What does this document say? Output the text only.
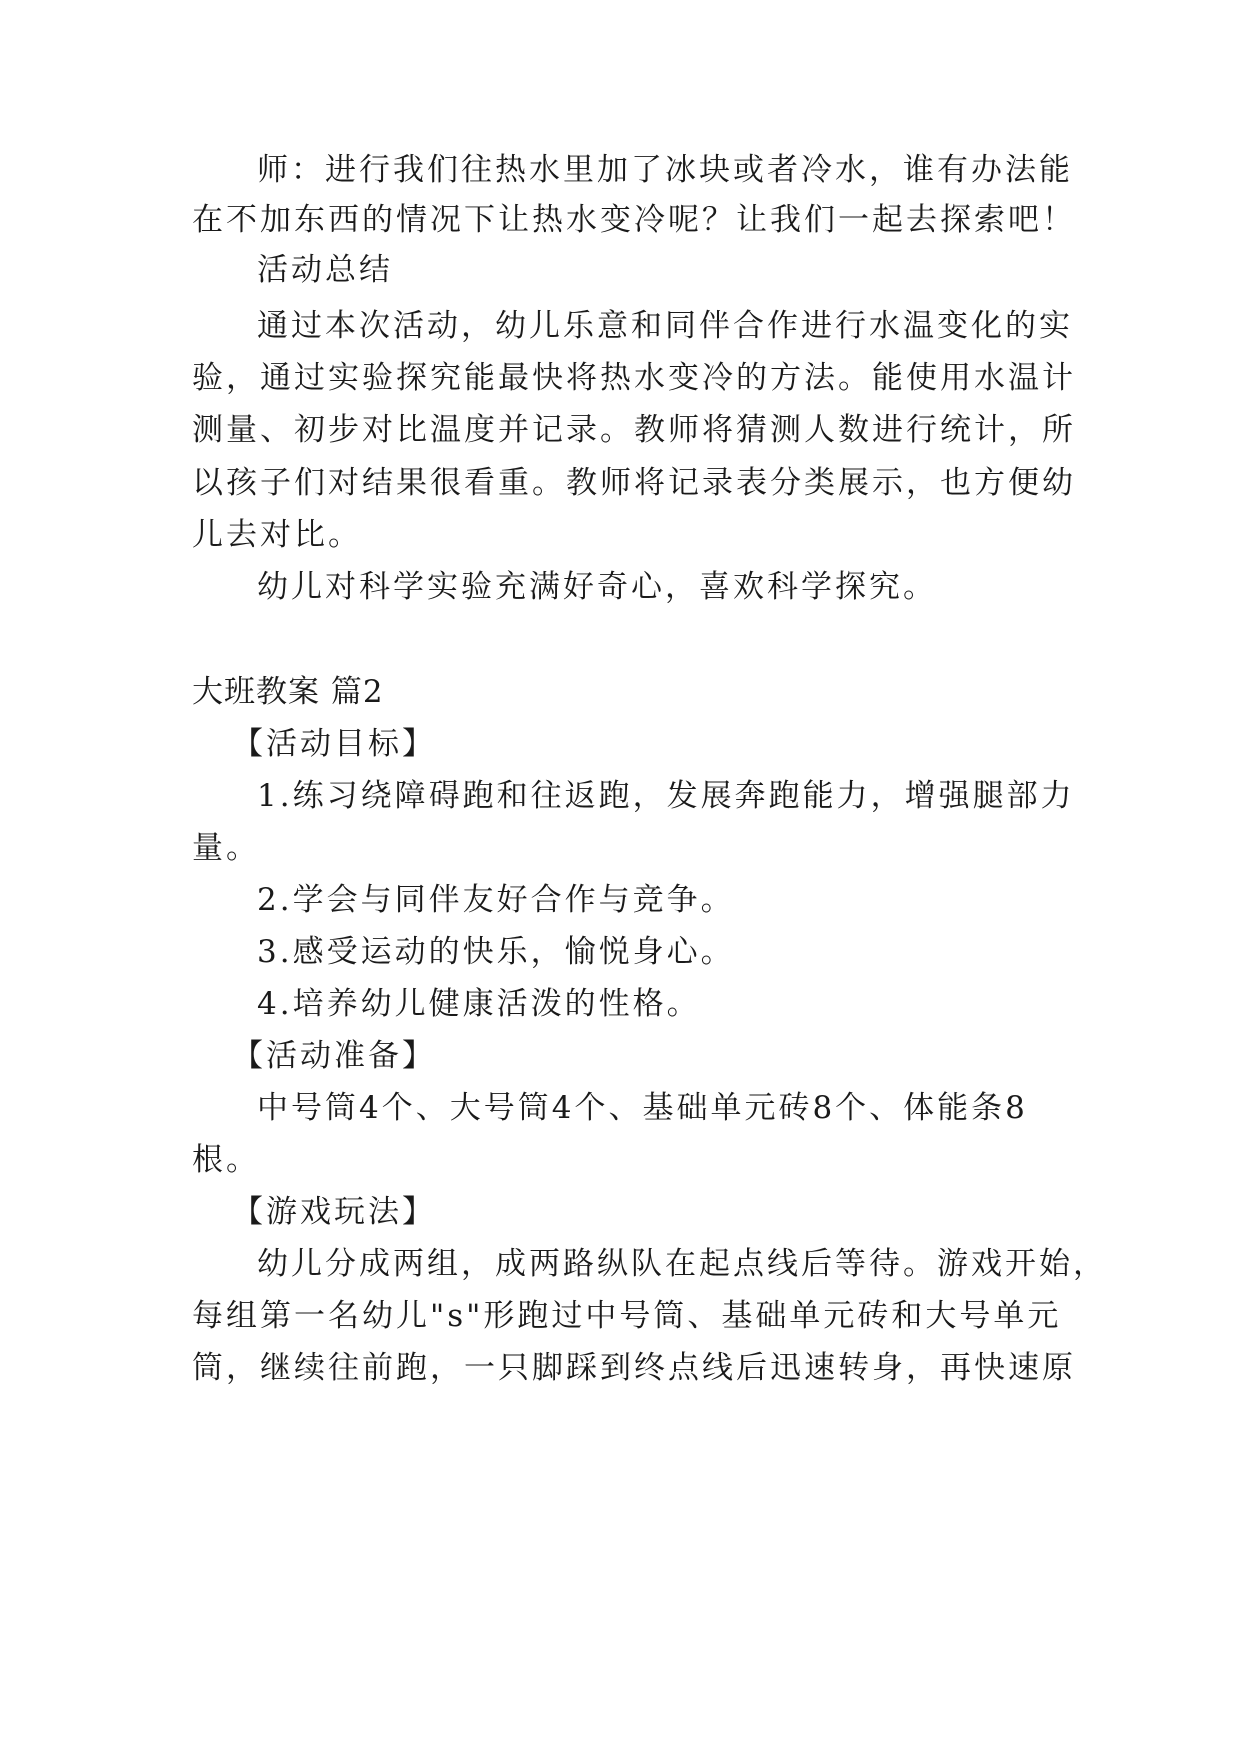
师：进行我们往热水里加了冰块或者冷水，谁有办法能
在不加东西的情况下让热水变冷呢？让我们一起去探索吧！
活动总结
通过本次活动，幼儿乐意和同伴合作进行水温变化的实
验，通过实验探究能最快将热水变冷的方法。能使用水温计
测量、初步对比温度并记录。教师将猜测人数进行统计，所
以孩子们对结果很看重。教师将记录表分类展示，也方便幼
儿去对比。
幼儿对科学实验充满好奇心，喜欢科学探究。
大班教案 篇2
【活动目标】
1.练习绕障碍跑和往返跑，发展奔跑能力，增强腿部力
量。
2.学会与同伴友好合作与竞争。
3.感受运动的快乐，愉悦身心。
4.培养幼儿健康活泼的性格。
【活动准备】
中号筒4个、大号筒4个、基础单元砖8个、体能条8
根。
【游戏玩法】
幼儿分成两组，成两路纵队在起点线后等待。游戏开始，
每组第一名幼儿"s"形跑过中号筒、基础单元砖和大号单元
筒，继续往前跑，一只脚踩到终点线后迅速转身，再快速原
